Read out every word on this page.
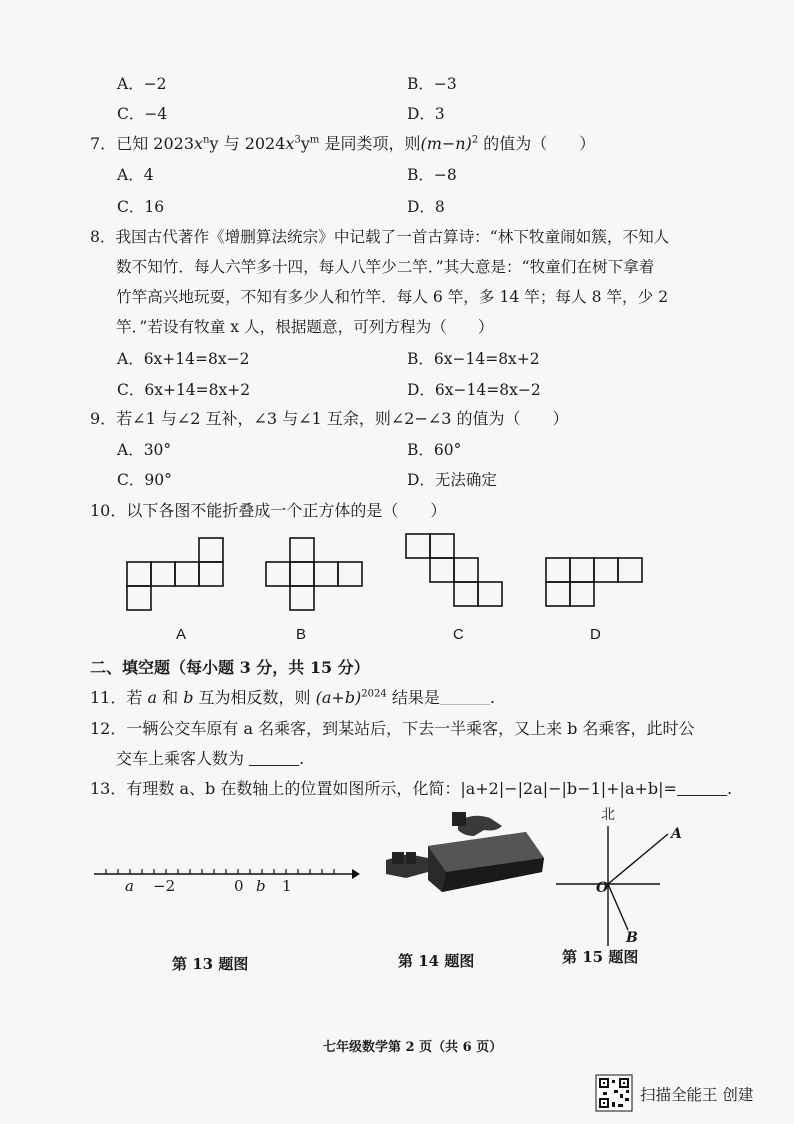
A．−2	B．−3
C．−4	D．3
7．已知 $2023x^ny$ 与 $2024x^3y^m$ 是同类项，则$(m-n)^2$ 的值为（　　）
A．4	B．−8
C．16	D．8
8．我国古代著作《增删算法统宗》中记载了一首古算诗：“林下牧童闹如簇，不知人
数不知竹．每人六竿多十四，每人八竿少二竿．”其大意是：“牧童们在树下拿着
竹竿高兴地玩耍，不知有多少人和竹竿．每人 6 竿，多 14 竿；每人 8 竿，少 2
竿．”若设有牧童 x 人，根据题意，可列方程为（　　）
A．6x+14=8x−2	B．6x−14=8x+2
C．6x+14=8x+2	D．6x−14=8x−2
9．若∠1 与∠2 互补，∠3 与∠1 互余，则∠2−∠3 的值为（　　）
A．30°	B．60°
C．90°	D．无法确定
10．以下各图不能折叠成一个正方体的是（　　）
A	B	C	D
二、填空题（每小题 3 分，共 15 分）
11．若 a 和 b 互为相反数，则 $(a+b)^{2024}$ 结果是	.
12．一辆公交车原有 a 名乘客，到某站后，下去一半乘客，又上来 b 名乘客，此时公
交车上乘客人数为	.
13．有理数 a、b 在数轴上的位置如图所示，化简：|a+2|−|2a|−|b−1|+|a+b|=	.
a −2	0 b 1
北
A
O
B
第 13 题图	第 14 题图	第 15 题图
七年级数学第 2 页（共 6 页）
扫描全能王 创建
